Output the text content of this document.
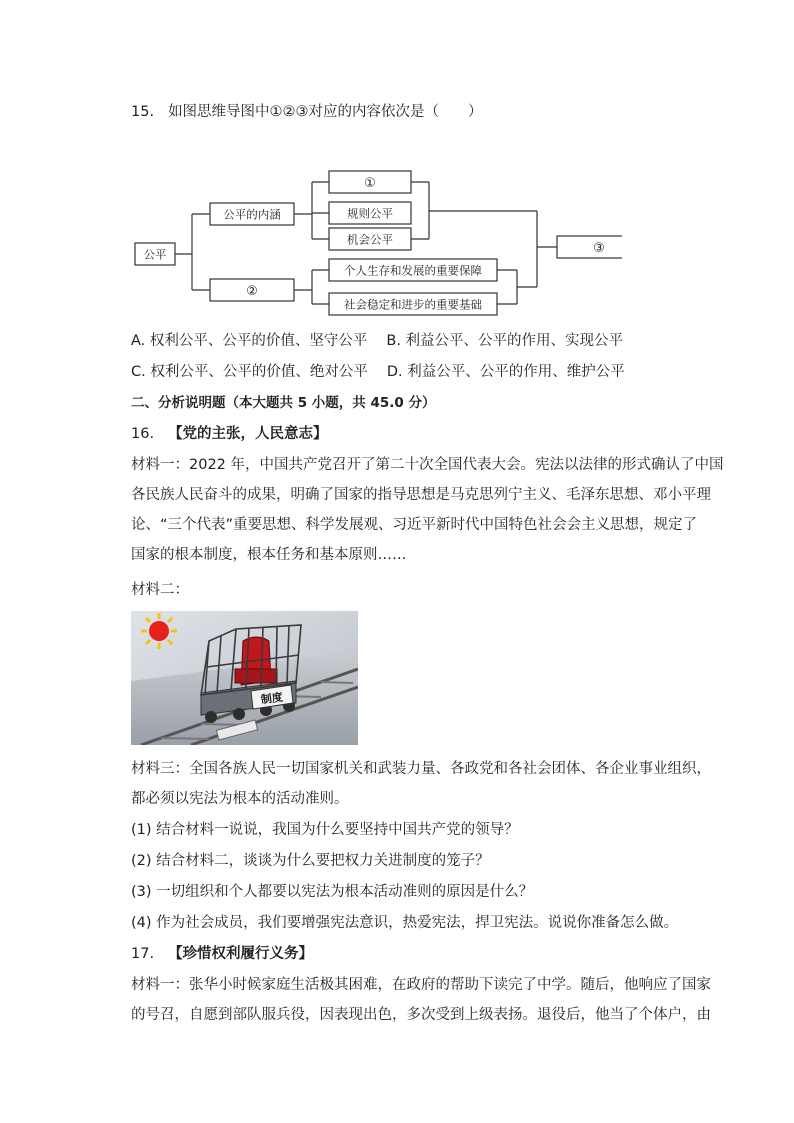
15. 如图思维导图中①②③对应的内容依次是（　　）
公平
公平的内涵
②
①
规则公平
机会公平
个人生存和发展的重要保障
社会稳定和进步的重要基础
③
A. 权利公平、公平的价值、坚守公平 B. 利益公平、公平的作用、实现公平
C. 权利公平、公平的价值、绝对公平 D. 利益公平、公平的作用、维护公平
二、分析说明题（本大题共 5 小题，共 45.0 分）
16. 【党的主张，人民意志】
材料一：2022 年，中国共产党召开了第二十次全国代表大会。宪法以法律的形式确认了中国
各民族人民奋斗的成果，明确了国家的指导思想是马克思列宁主义、毛泽东思想、邓小平理
论、“三个代表”重要思想、科学发展观、习近平新时代中国特色社会会主义思想，规定了
国家的根本制度，根本任务和基本原则……
材料二：
制度
材料三：全国各族人民一切国家机关和武装力量、各政党和各社会团体、各企业事业组织，
都必须以宪法为根本的活动准则。
(1) 结合材料一说说，我国为什么要坚持中国共产党的领导？
(2) 结合材料二，谈谈为什么要把权力关进制度的笼子？
(3) 一切组织和个人都要以宪法为根本活动准则的原因是什么？
(4) 作为社会成员，我们要增强宪法意识，热爱宪法，捍卫宪法。说说你准备怎么做。
17. 【珍惜权利履行义务】
材料一：张华小时候家庭生活极其困难，在政府的帮助下读完了中学。随后，他响应了国家
的号召，自愿到部队服兵役，因表现出色，多次受到上级表扬。退役后，他当了个体户，由
